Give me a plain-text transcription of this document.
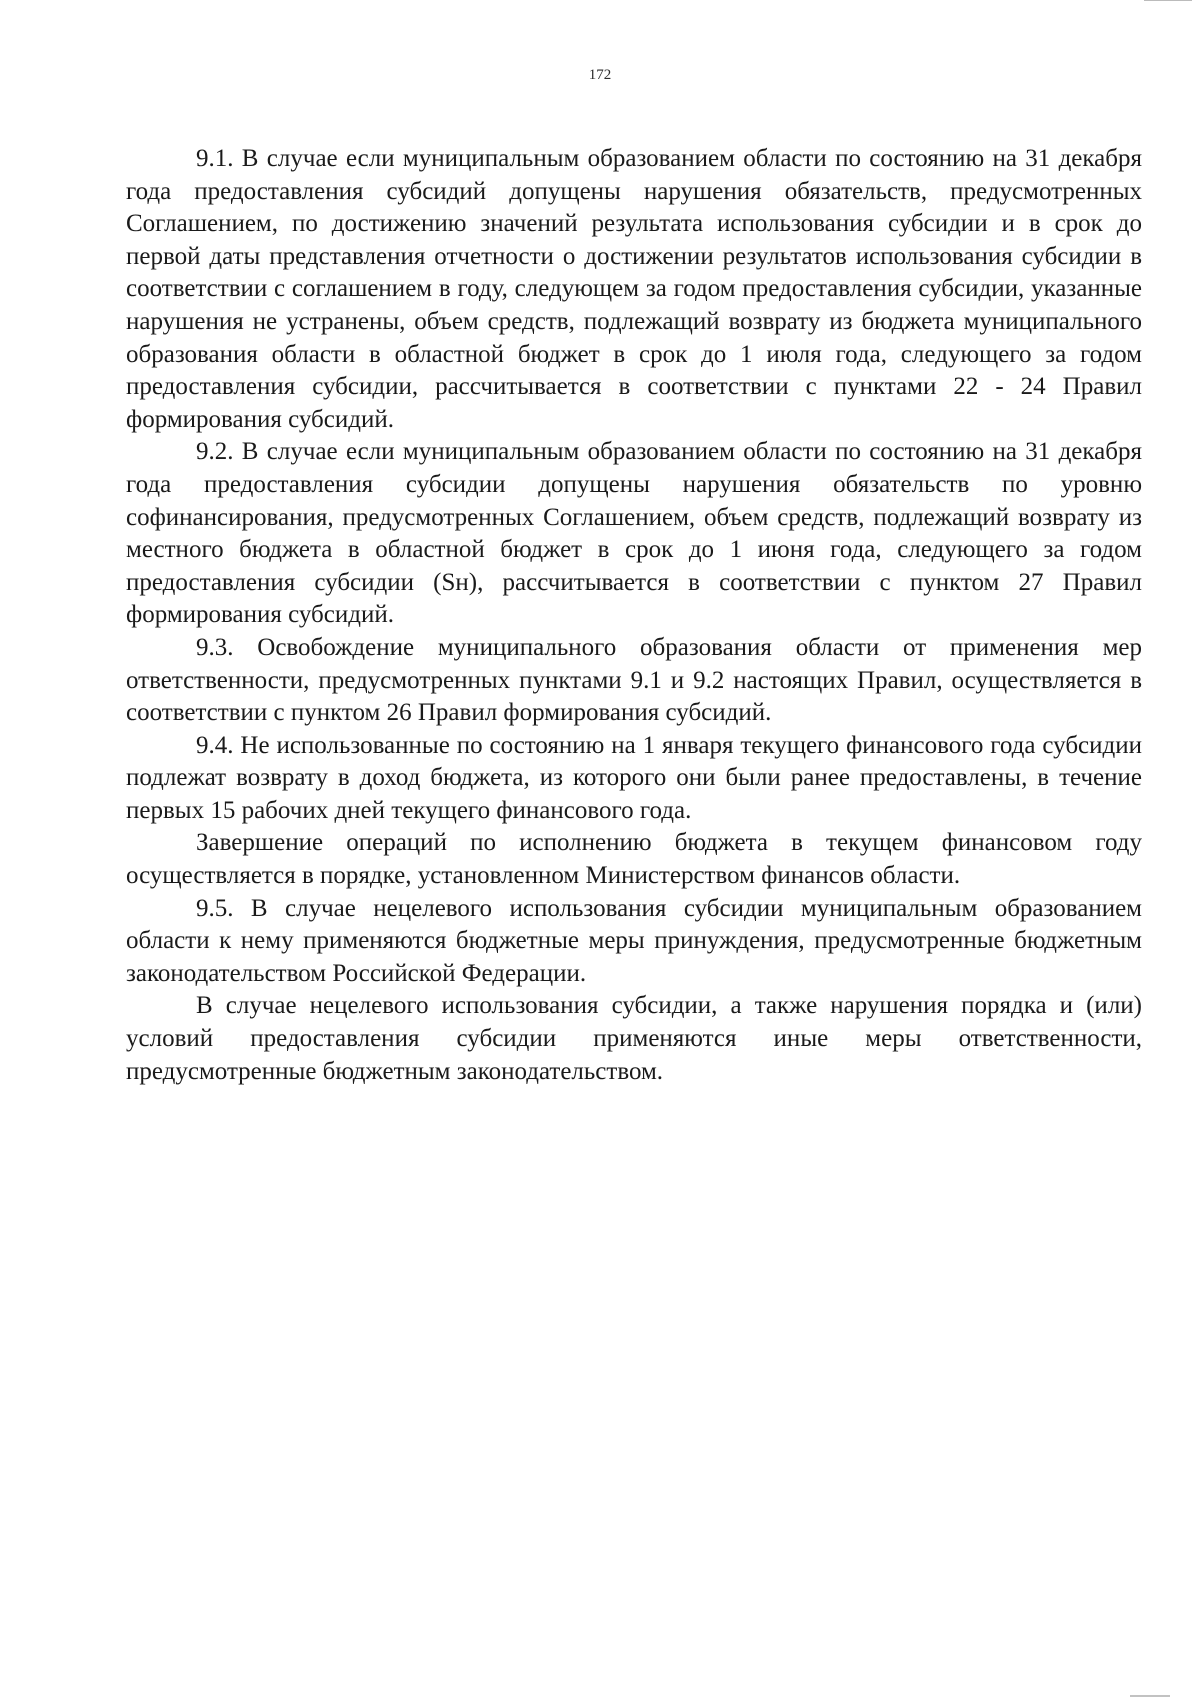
172

9.1. В случае если муниципальным образованием области по состоянию на 31 декабря года предоставления субсидий допущены нарушения обязательств, предусмотренных Соглашением, по достижению значений результата использования субсидии и в срок до первой даты представления отчетности о достижении результатов использования субсидии в соответствии с соглашением в году, следующем за годом предоставления субсидии, указанные нарушения не устранены, объем средств, подлежащий возврату из бюджета муниципального образования области в областной бюджет в срок до 1 июля года, следующего за годом предоставления субсидии, рассчитывается в соответствии с пунктами 22 - 24 Правил формирования субсидий.

9.2. В случае если муниципальным образованием области по состоянию на 31 декабря года предоставления субсидии допущены нарушения обязательств по уровню софинансирования, предусмотренных Соглашением, объем средств, подлежащий возврату из местного бюджета в областной бюджет в срок до 1 июня года, следующего за годом предоставления субсидии (Sн), рассчитывается в соответствии с пунктом 27 Правил формирования субсидий.

9.3. Освобождение муниципального образования области от применения мер ответственности, предусмотренных пунктами 9.1 и 9.2 настоящих Правил, осуществляется в соответствии с пунктом 26 Правил формирования субсидий.

9.4. Не использованные по состоянию на 1 января текущего финансового года субсидии подлежат возврату в доход бюджета, из которого они были ранее предоставлены, в течение первых 15 рабочих дней текущего финансового года.

Завершение операций по исполнению бюджета в текущем финансовом году осуществляется в порядке, установленном Министерством финансов области.

9.5. В случае нецелевого использования субсидии муниципальным образованием области к нему применяются бюджетные меры принуждения, предусмотренные бюджетным законодательством Российской Федерации.

В случае нецелевого использования субсидии, а также нарушения порядка и (или) условий предоставления субсидии применяются иные меры ответственности, предусмотренные бюджетным законодательством.
